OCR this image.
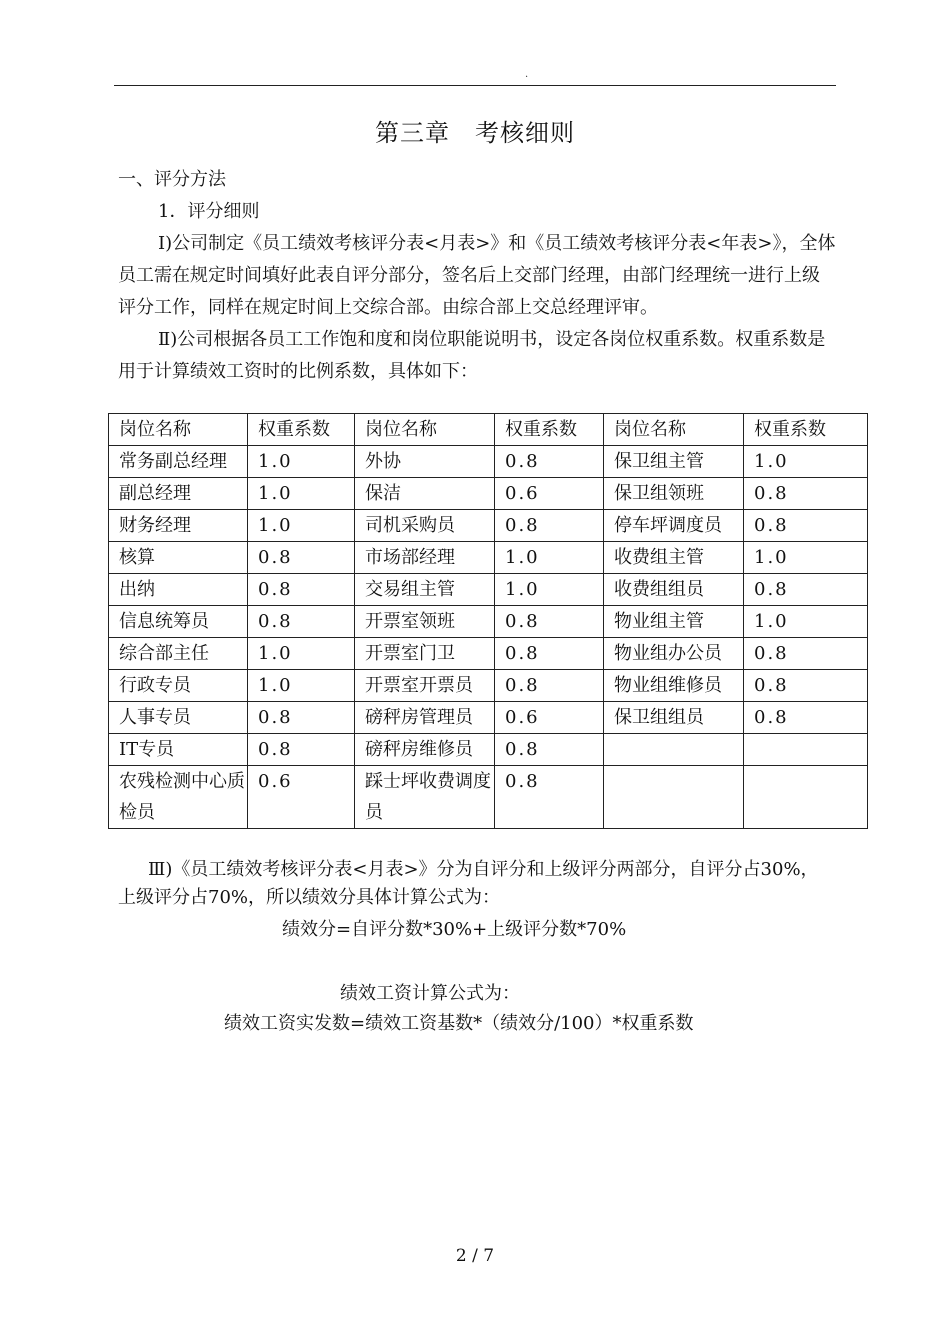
.
第三章　考核细则
一、评分方法
1．评分细则
Ⅰ)公司制定《员工绩效考核评分表<月表>》和《员工绩效考核评分表<年表>》，全体员工需在规定时间填好此表自评分部分，签名后上交部门经理，由部门经理统一进行上级评分工作，同样在规定时间上交综合部。由综合部上交总经理评审。
Ⅱ)公司根据各员工工作饱和度和岗位职能说明书，设定各岗位权重系数。权重系数是用于计算绩效工资时的比例系数，具体如下：
岗位名称	权重系数	岗位名称	权重系数	岗位名称	权重系数
常务副总经理	1.0	外协	0.8	保卫组主管	1.0
副总经理	1.0	保洁	0.6	保卫组领班	0.8
财务经理	1.0	司机采购员	0.8	停车坪调度员	0.8
核算	0.8	市场部经理	1.0	收费组主管	1.0
出纳	0.8	交易组主管	1.0	收费组组员	0.8
信息统筹员	0.8	开票室领班	0.8	物业组主管	1.0
综合部主任	1.0	开票室门卫	0.8	物业组办公员	0.8
行政专员	1.0	开票室开票员	0.8	物业组维修员	0.8
人事专员	0.8	磅秤房管理员	0.6	保卫组组员	0.8
IT专员	0.8	磅秤房维修员	0.8		
农残检测中心质检员	0.6	踩士坪收费调度员	0.8		
Ⅲ)《员工绩效考核评分表<月表>》分为自评分和上级评分两部分，自评分占30%，
上级评分占70%，所以绩效分具体计算公式为：
绩效分=自评分数*30%+上级评分数*70%
绩效工资计算公式为：
绩效工资实发数=绩效工资基数*（绩效分/100）*权重系数
2 / 7
